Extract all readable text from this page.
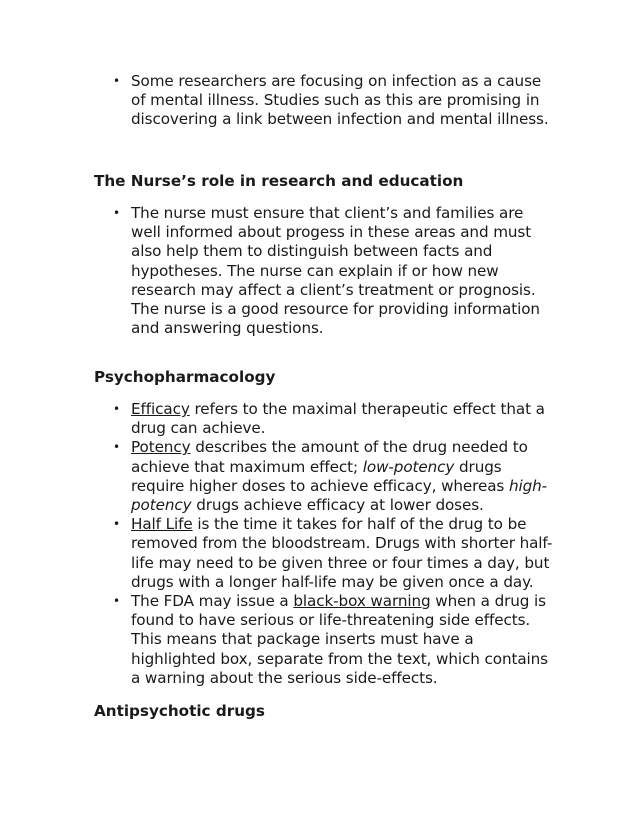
• Some researchers are focusing on infection as a cause of mental illness. Studies such as this are promising in discovering a link between infection and mental illness.
The Nurse’s role in research and education
• The nurse must ensure that client’s and families are well informed about progess in these areas and must also help them to distinguish between facts and hypotheses. The nurse can explain if or how new research may affect a client’s treatment or prognosis. The nurse is a good resource for providing information and answering questions.
Psychopharmacology
• Efficacy refers to the maximal therapeutic effect that a drug can achieve.
• Potency describes the amount of the drug needed to achieve that maximum effect; low-potency drugs require higher doses to achieve efficacy, whereas high-potency drugs achieve efficacy at lower doses.
• Half Life is the time it takes for half of the drug to be removed from the bloodstream. Drugs with shorter half-life may need to be given three or four times a day, but drugs with a longer half-life may be given once a day.
• The FDA may issue a black-box warning when a drug is found to have serious or life-threatening side effects. This means that package inserts must have a highlighted box, separate from the text, which contains a warning about the serious side-effects.
Antipsychotic drugs
